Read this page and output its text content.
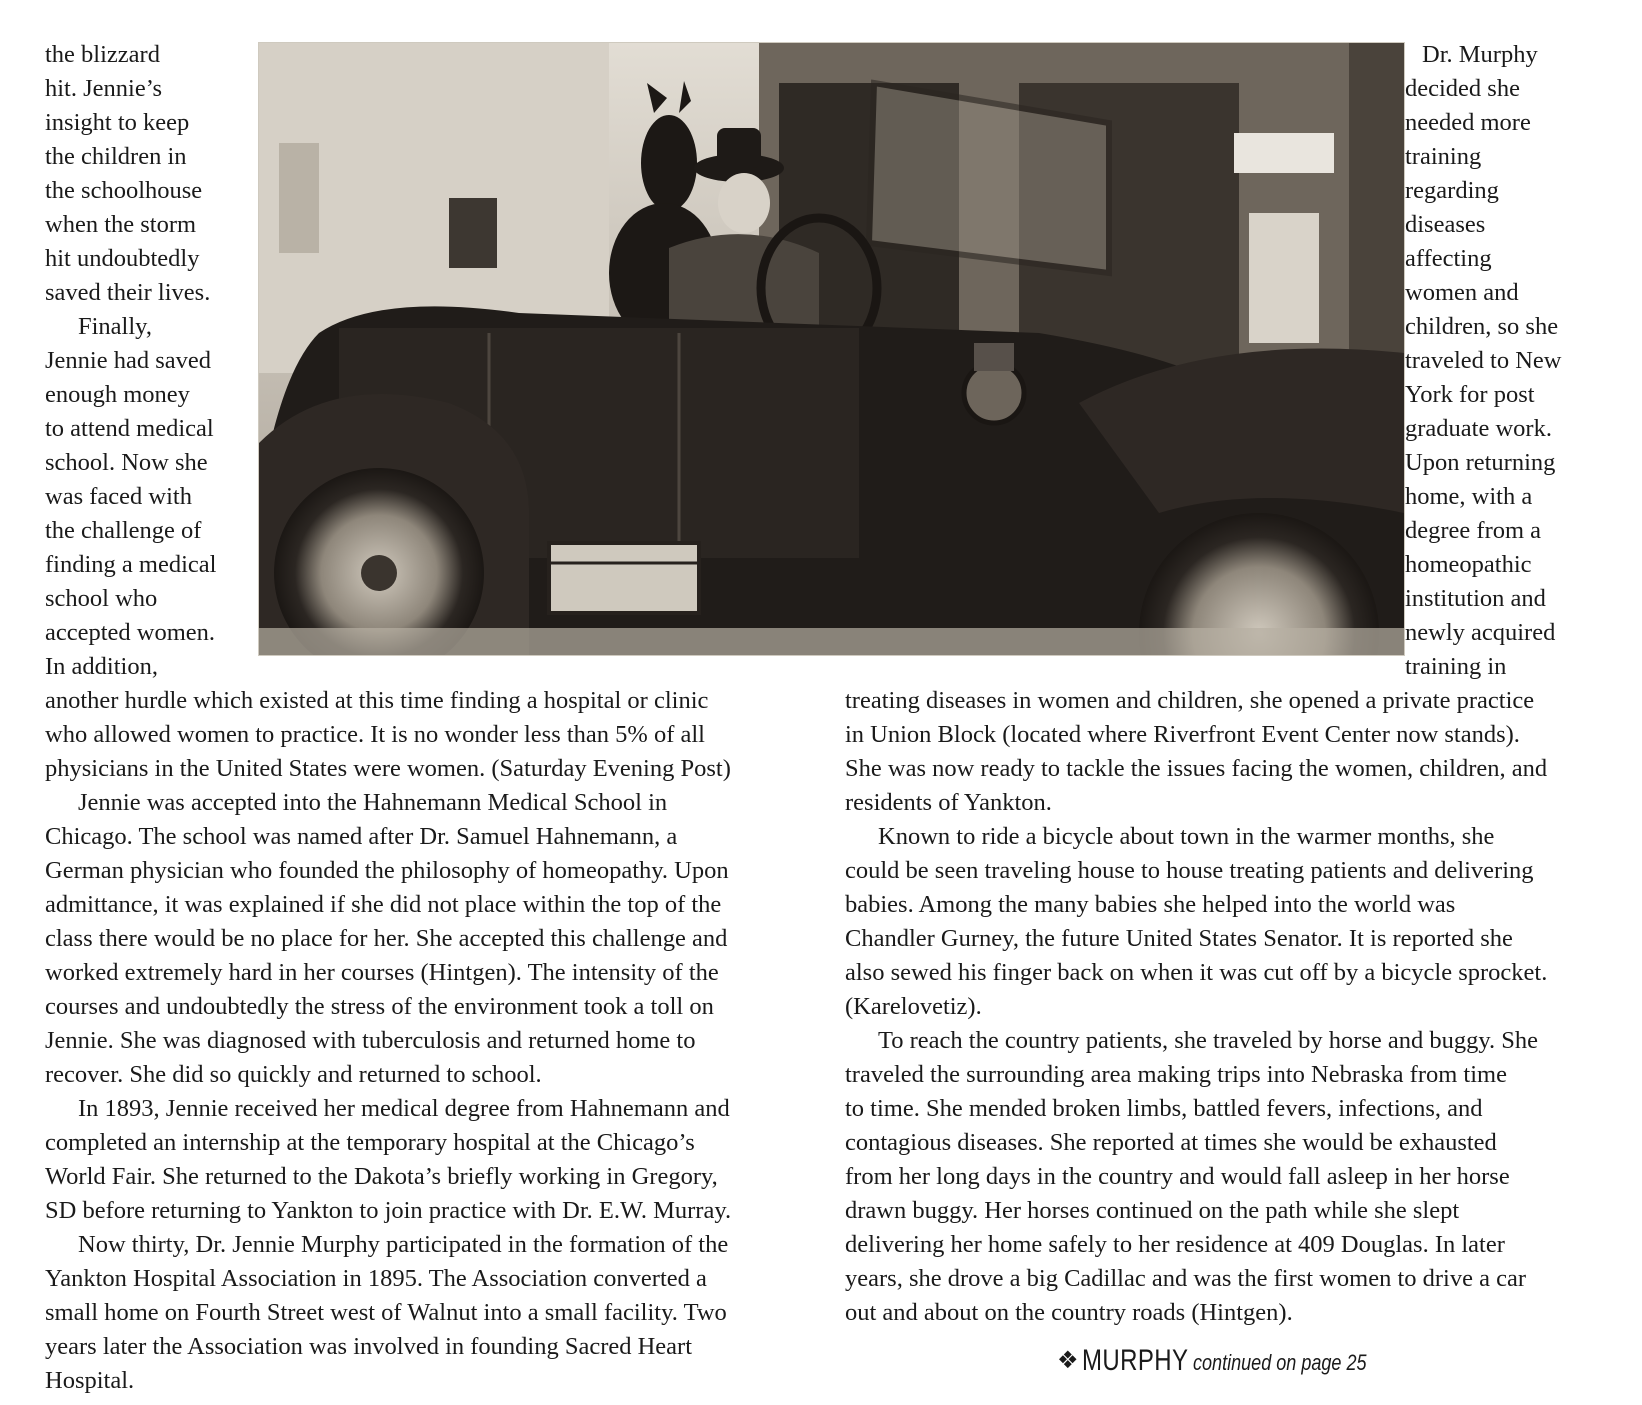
the blizzard
hit. Jennie’s
insight to keep
the children in
the schoolhouse
when the storm
hit undoubtedly
saved their lives.
Finally,
Jennie had saved
enough money
to attend medical
school. Now she
was faced with
the challenge of
finding a medical
school who
accepted women.
In addition,
Dr. Murphy
decided she
needed more
training
regarding
diseases
affecting
women and
children, so she
traveled to New
York for post
graduate work.
Upon returning
home, with a
degree from a
homeopathic
institution and
newly acquired
training in
another hurdle which existed at this time finding a hospital or clinic
who allowed women to practice. It is no wonder less than 5% of all
physicians in the United States were women. (Saturday Evening Post)
Jennie was accepted into the Hahnemann Medical School in
Chicago. The school was named after Dr. Samuel Hahnemann, a
German physician who founded the philosophy of homeopathy. Upon
admittance, it was explained if she did not place within the top of the
class there would be no place for her. She accepted this challenge and
worked extremely hard in her courses (Hintgen). The intensity of the
courses and undoubtedly the stress of the environment took a toll on
Jennie. She was diagnosed with tuberculosis and returned home to
recover. She did so quickly and returned to school.
In 1893, Jennie received her medical degree from Hahnemann and
completed an internship at the temporary hospital at the Chicago’s
World Fair. She returned to the Dakota’s briefly working in Gregory,
SD before returning to Yankton to join practice with Dr. E.W. Murray.
Now thirty, Dr. Jennie Murphy participated in the formation of the
Yankton Hospital Association in 1895. The Association converted a
small home on Fourth Street west of Walnut into a small facility. Two
years later the Association was involved in founding Sacred Heart
Hospital.
treating diseases in women and children, she opened a private practice
in Union Block (located where Riverfront Event Center now stands).
She was now ready to tackle the issues facing the women, children, and
residents of Yankton.
Known to ride a bicycle about town in the warmer months, she
could be seen traveling house to house treating patients and delivering
babies. Among the many babies she helped into the world was
Chandler Gurney, the future United States Senator. It is reported she
also sewed his finger back on when it was cut off by a bicycle sprocket.
(Karelovetiz).
To reach the country patients, she traveled by horse and buggy. She
traveled the surrounding area making trips into Nebraska from time
to time. She mended broken limbs, battled fevers, infections, and
contagious diseases. She reported at times she would be exhausted
from her long days in the country and would fall asleep in her horse
drawn buggy. Her horses continued on the path while she slept
delivering her home safely to her residence at 409 Douglas. In later
years, she drove a big Cadillac and was the first women to drive a car
out and about on the country roads (Hintgen).
❖ MURPHY continued on page 25
